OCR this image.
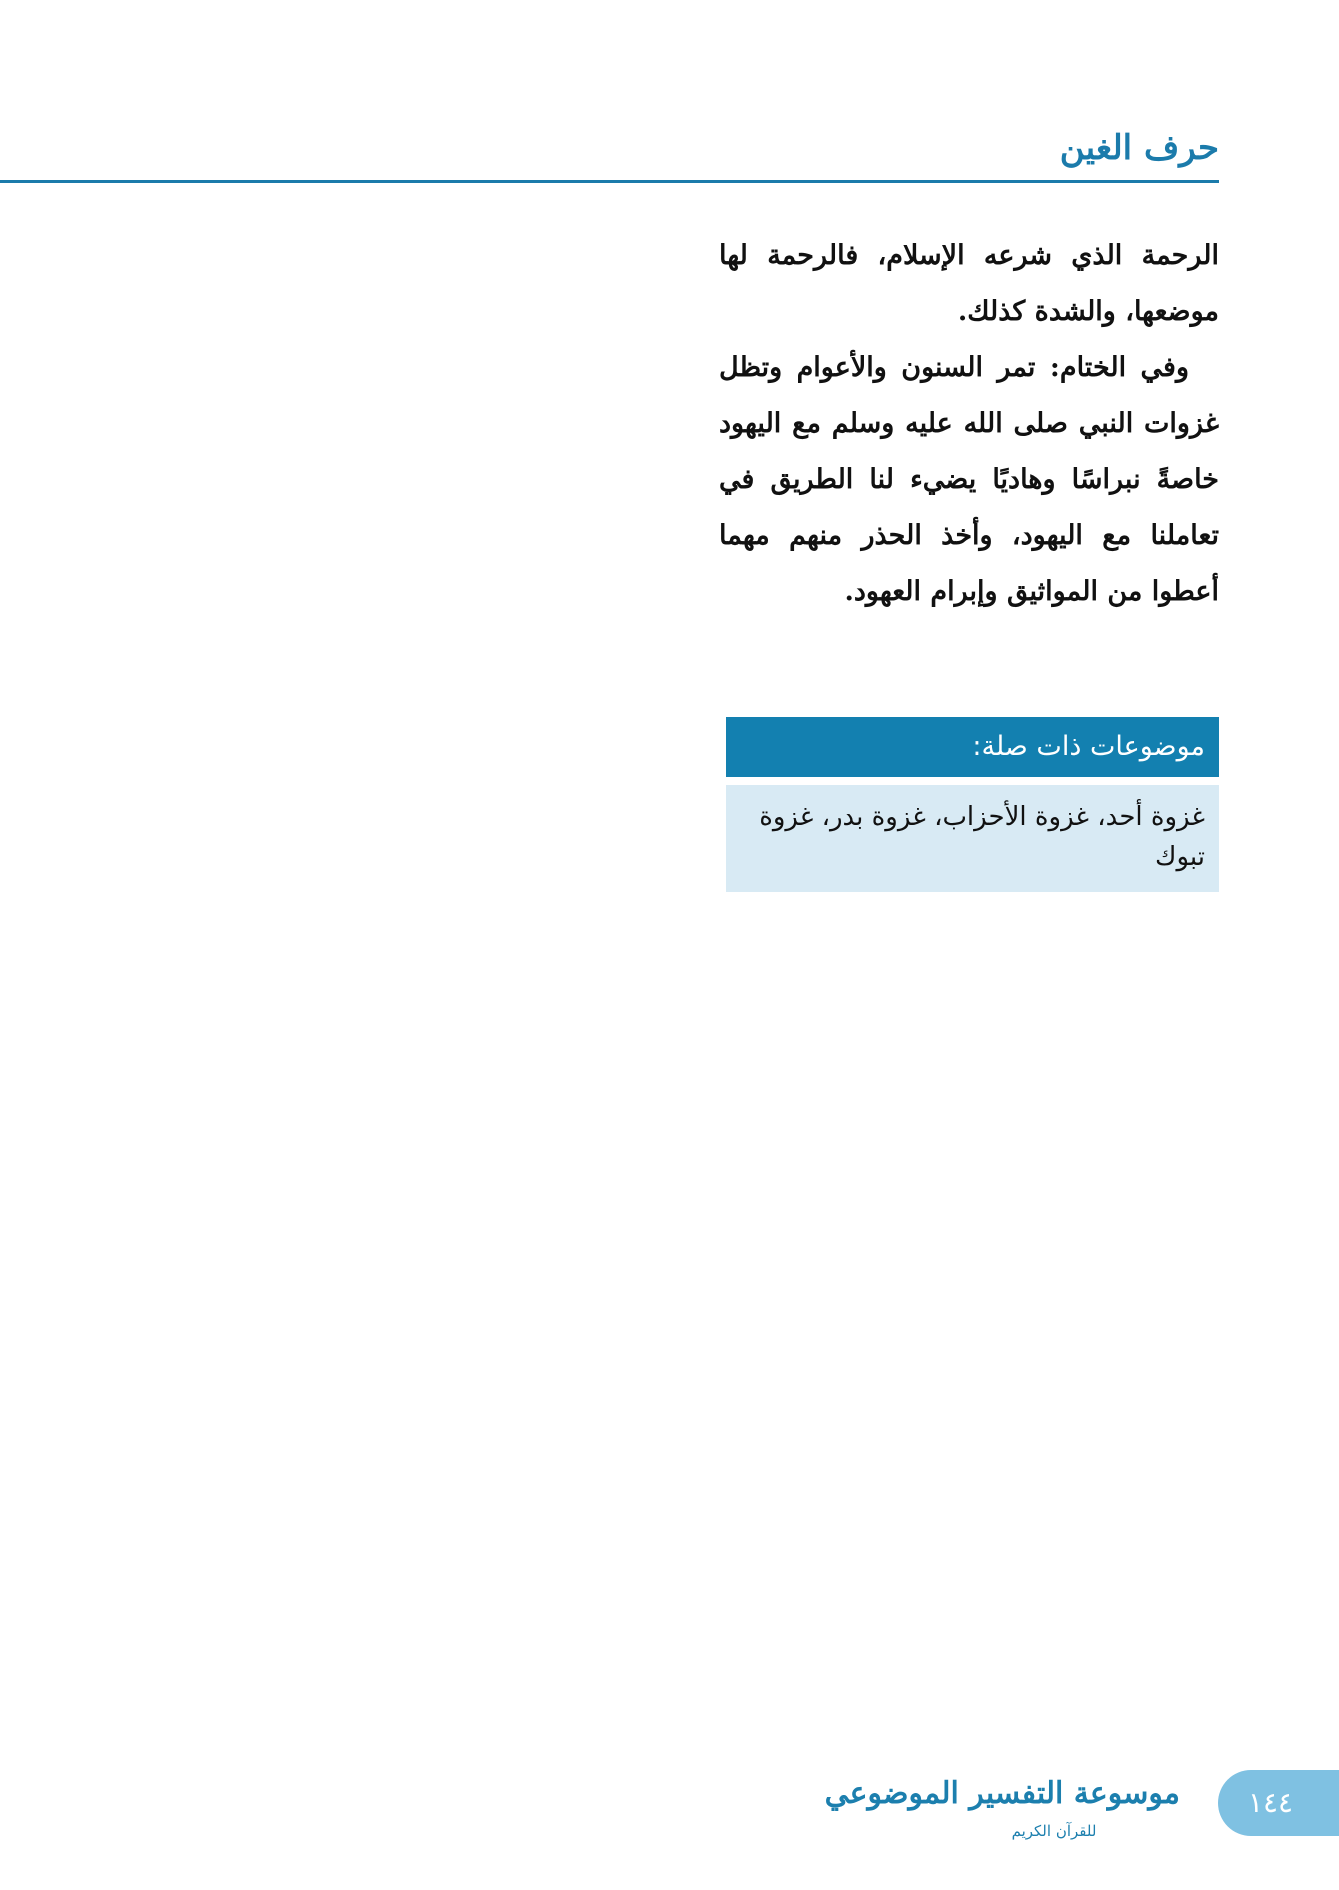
حرف الغين

الرحمة الذي شرعه الإسلام، فالرحمة لها موضعها، والشدة كذلك.

وفي الختام: تمر السنون والأعوام وتظل غزوات النبي صلى الله عليه وسلم مع اليهود خاصةً نبراسًا وهاديًا يضيء لنا الطريق في تعاملنا مع اليهود، وأخذ الحذر منهم مهما أعطوا من المواثيق وإبرام العهود.

موضوعات ذات صلة:
غزوة أحد، غزوة الأحزاب، غزوة بدر، غزوة تبوك
موسوعة التفسير الموضوعي
للقرآن الكريم
١٤٤
